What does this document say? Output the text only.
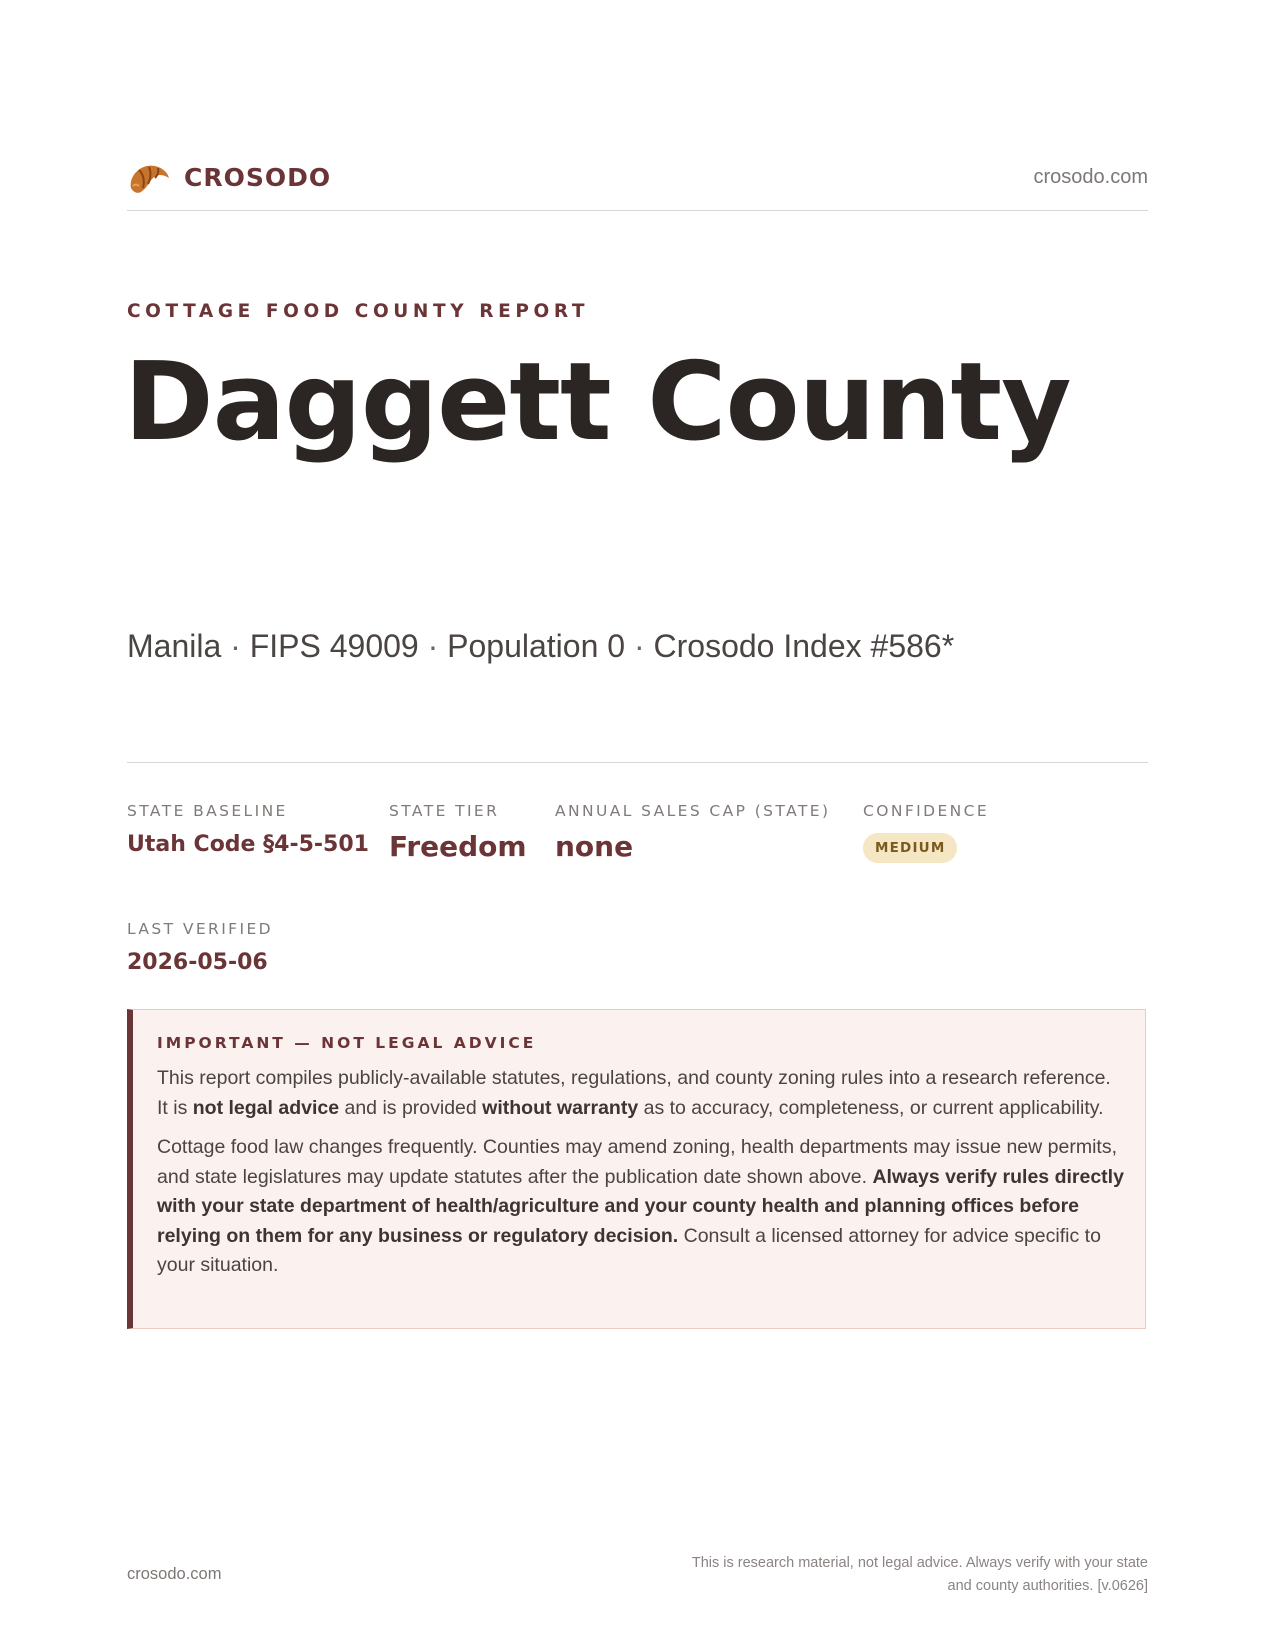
CROSODO	crosodo.com
COTTAGE FOOD COUNTY REPORT
Daggett County
Manila · FIPS 49009 · Population 0 · Crosodo Index #586*
STATE BASELINE
Utah Code §4-5-501
STATE TIER
Freedom
ANNUAL SALES CAP (STATE)
none
CONFIDENCE
MEDIUM
LAST VERIFIED
2026-05-06
IMPORTANT — NOT LEGAL ADVICE

This report compiles publicly-available statutes, regulations, and county zoning rules into a research reference. It is not legal advice and is provided without warranty as to accuracy, completeness, or current applicability.

Cottage food law changes frequently. Counties may amend zoning, health departments may issue new permits, and state legislatures may update statutes after the publication date shown above. Always verify rules directly with your state department of health/agriculture and your county health and planning offices before relying on them for any business or regulatory decision. Consult a licensed attorney for advice specific to your situation.

crosodo.com
This is research material, not legal advice. Always verify with your state
and county authorities. [v.0626]
